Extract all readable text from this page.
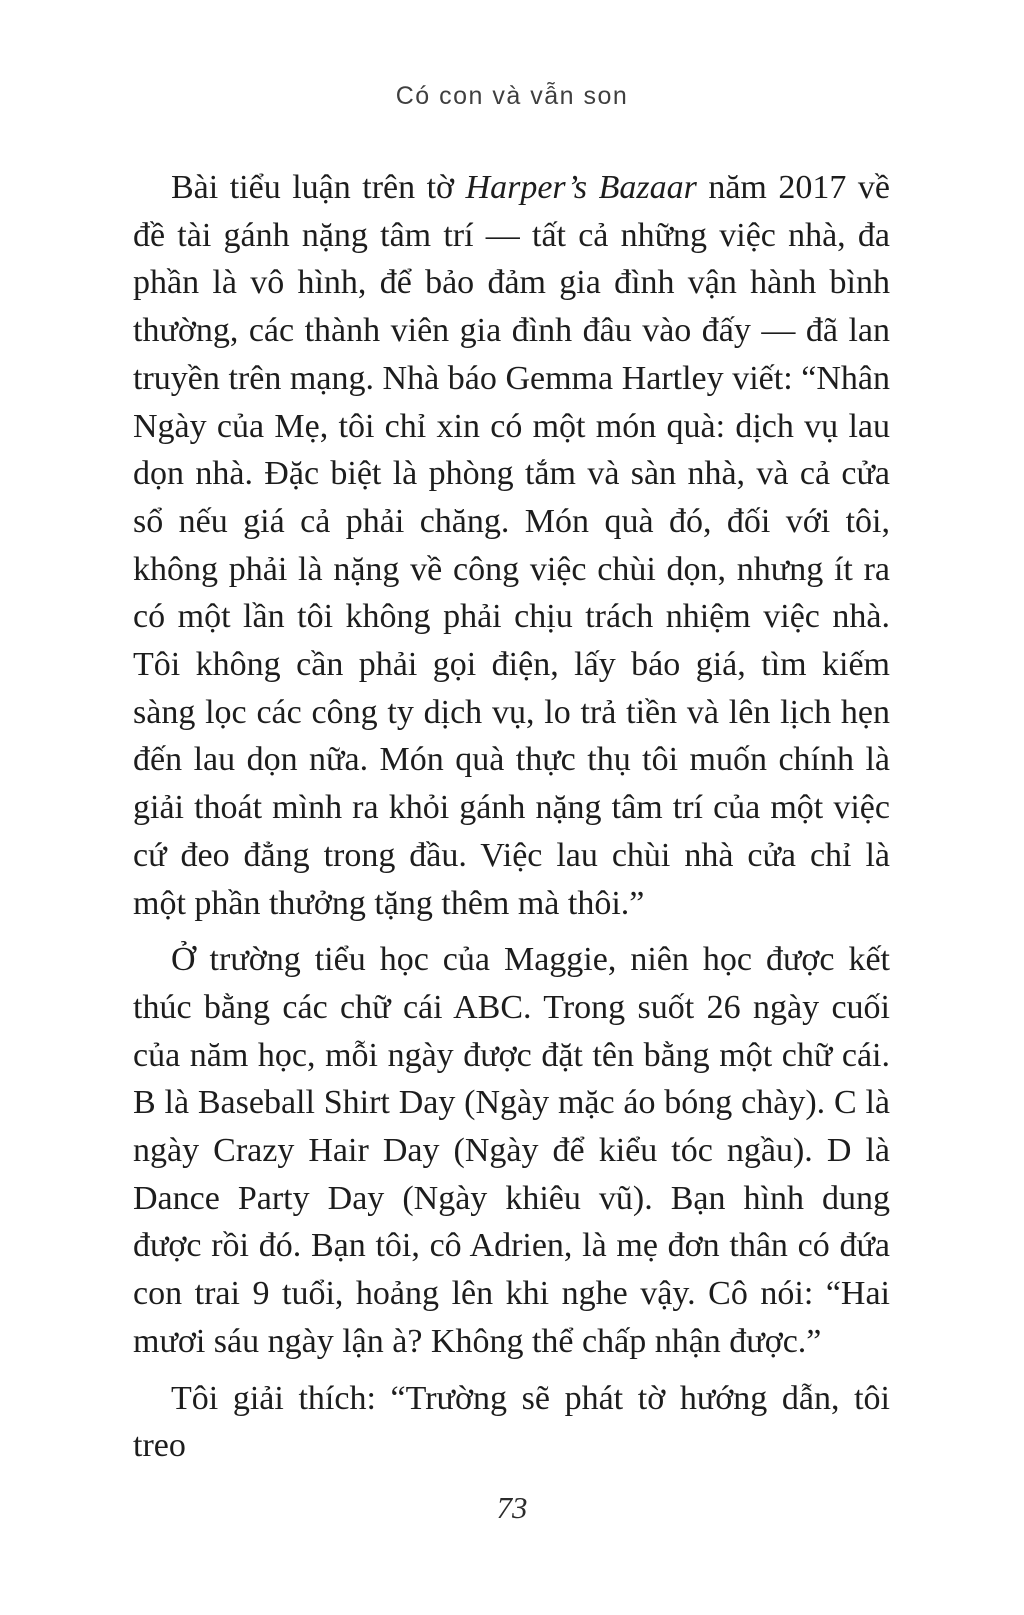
Có con và vẫn son

Bài tiểu luận trên tờ Harper’s Bazaar năm 2017 về đề tài gánh nặng tâm trí — tất cả những việc nhà, đa phần là vô hình, để bảo đảm gia đình vận hành bình thường, các thành viên gia đình đâu vào đấy — đã lan truyền trên mạng. Nhà báo Gemma Hartley viết: “Nhân Ngày của Mẹ, tôi chỉ xin có một món quà: dịch vụ lau dọn nhà. Đặc biệt là phòng tắm và sàn nhà, và cả cửa sổ nếu giá cả phải chăng. Món quà đó, đối với tôi, không phải là nặng về công việc chùi dọn, nhưng ít ra có một lần tôi không phải chịu trách nhiệm việc nhà. Tôi không cần phải gọi điện, lấy báo giá, tìm kiếm sàng lọc các công ty dịch vụ, lo trả tiền và lên lịch hẹn đến lau dọn nữa. Món quà thực thụ tôi muốn chính là giải thoát mình ra khỏi gánh nặng tâm trí của một việc cứ đeo đẳng trong đầu. Việc lau chùi nhà cửa chỉ là một phần thưởng tặng thêm mà thôi.”

Ở trường tiểu học của Maggie, niên học được kết thúc bằng các chữ cái ABC. Trong suốt 26 ngày cuối của năm học, mỗi ngày được đặt tên bằng một chữ cái. B là Baseball Shirt Day (Ngày mặc áo bóng chày). C là ngày Crazy Hair Day (Ngày để kiểu tóc ngầu). D là Dance Party Day (Ngày khiêu vũ). Bạn hình dung được rồi đó. Bạn tôi, cô Adrien, là mẹ đơn thân có đứa con trai 9 tuổi, hoảng lên khi nghe vậy. Cô nói: “Hai mươi sáu ngày lận à? Không thể chấp nhận được.”

Tôi giải thích: “Trường sẽ phát tờ hướng dẫn, tôi treo

73
